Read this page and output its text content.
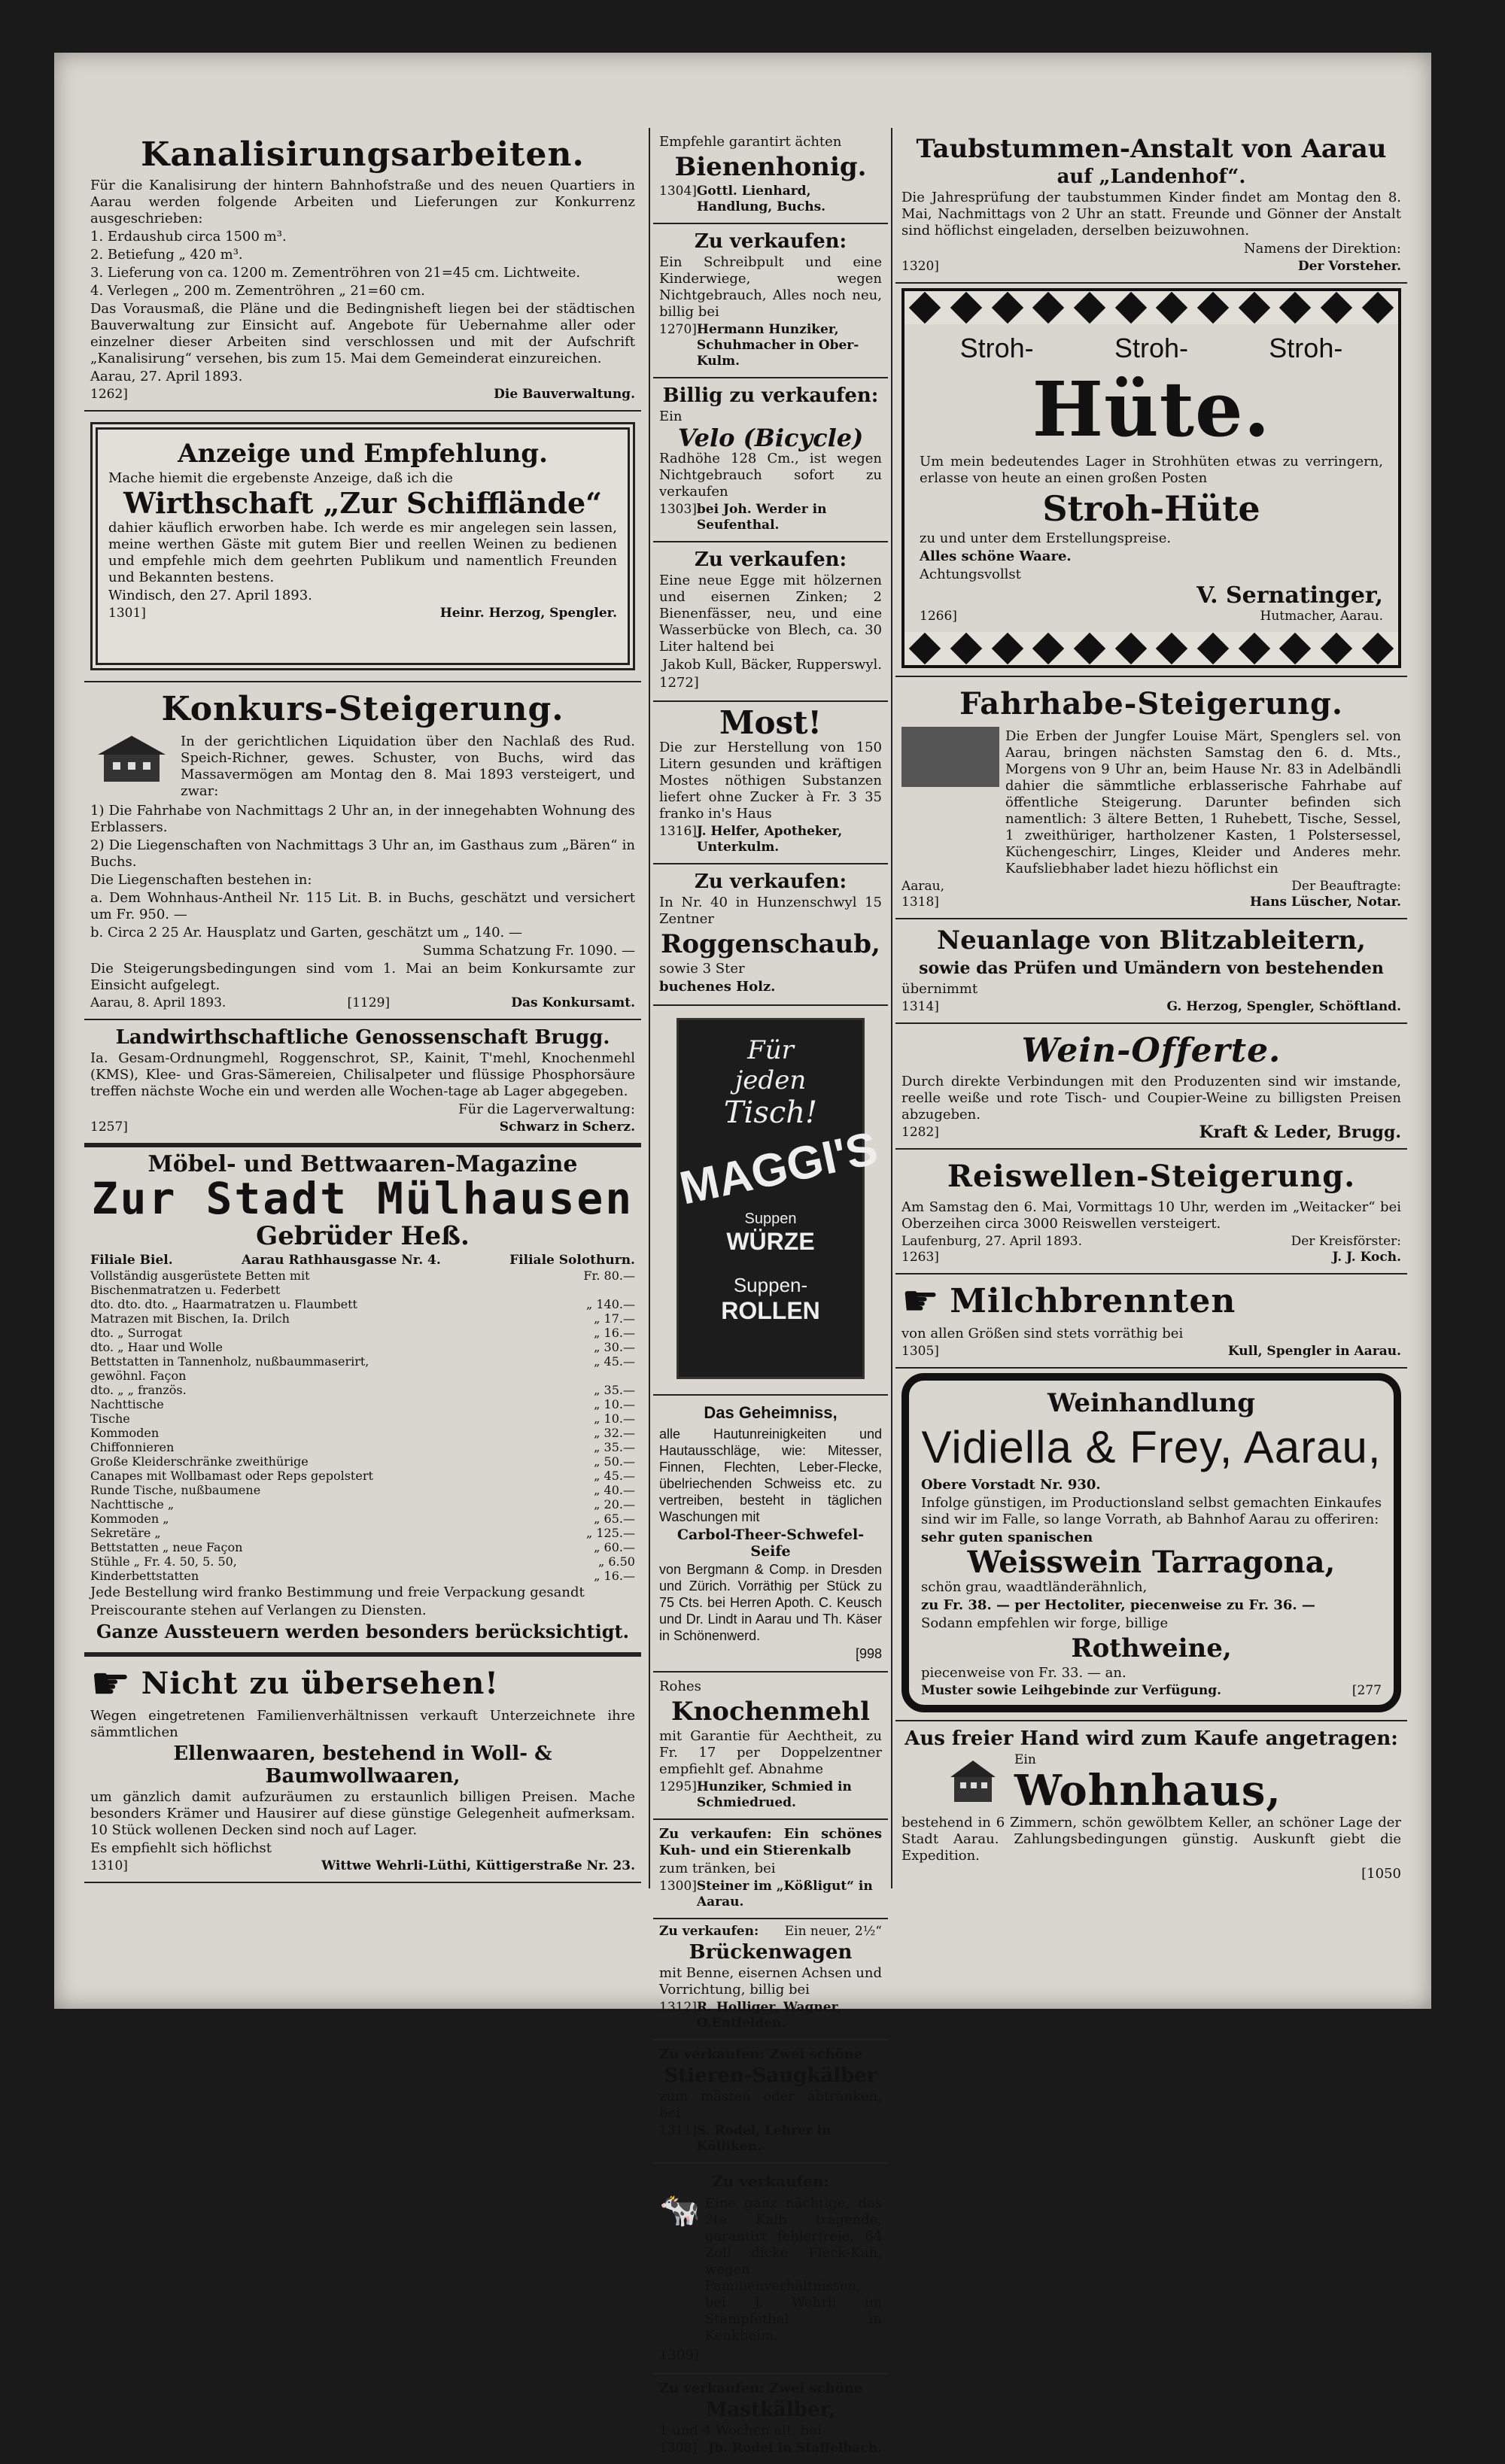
Kanalisirungsarbeiten.

Für die Kanalisirung der hintern Bahnhofstraße und des neuen Quartiers in Aarau werden folgende Arbeiten und Lieferungen zur Konkurrenz ausgeschrieben:

1. Erdaushub circa 1500 m³.

2. Betiefung „ 420 m³.

3. Lieferung von ca. 1200 m. Zementröhren von 21=45 cm. Lichtweite.

4. Verlegen „ 200 m. Zementröhren „ 21=60 cm.

Das Vorausmaß, die Pläne und die Bedingnisheft liegen bei der städtischen Bauverwaltung zur Einsicht auf. Angebote für Uebernahme aller oder einzelner dieser Arbeiten sind verschlossen und mit der Aufschrift „Kanalisirung“ versehen, bis zum 15. Mai dem Gemeinderat einzureichen.

Aarau, 27. April 1893.

1262]	Die Bauverwaltung.
Anzeige und Empfehlung.

Mache hiemit die ergebenste Anzeige, daß ich die

Wirthschaft „Zur Schifflände“

dahier käuflich erworben habe. Ich werde es mir angelegen sein lassen, meine werthen Gäste mit gutem Bier und reellen Weinen zu bedienen und empfehle mich dem geehrten Publikum und namentlich Freunden und Bekannten bestens.

Windisch, den 27. April 1893.

1301]	Heinr. Herzog, Spengler.
Konkurs-Steigerung.

In der gerichtlichen Liquidation über den Nachlaß des Rud. Speich-Richner, gewes. Schuster, von Buchs, wird das Massavermögen am Montag den 8. Mai 1893 versteigert, und zwar:

1) Die Fahrhabe von Nachmittags 2 Uhr an, in der innegehabten Wohnung des Erblassers.

2) Die Liegenschaften von Nachmittags 3 Uhr an, im Gasthaus zum „Bären“ in Buchs.

Die Liegenschaften bestehen in:

a. Dem Wohnhaus-Antheil Nr. 115 Lit. B. in Buchs, geschätzt und versichert um Fr. 950. —

b. Circa 2 25 Ar. Hausplatz und Garten, geschätzt um „ 140. —

Summa Schatzung Fr. 1090. —

Die Steigerungsbedingungen sind vom 1. Mai an beim Konkursamte zur Einsicht aufgelegt.

Aarau, 8. April 1893.	[1129]	Das Konkursamt.
Landwirthschaftliche Genossenschaft Brugg.

Ia. Gesam-Ordnungmehl, Roggenschrot, SP., Kainit, T'mehl, Knochenmehl (KMS), Klee- und Gras-Sämereien, Chilisalpeter und flüssige Phosphorsäure treffen nächste Woche ein und werden alle Wochen-tage ab Lager abgegeben.

Für die Lagerverwaltung:

1257]	Schwarz in Scherz.
Möbel- und Bettwaaren-Magazine
Zur Stadt Mülhausen
Gebrüder Heß.
Filiale Biel.	Aarau Rathhausgasse Nr. 4.	Filiale Solothurn.
Vollständig ausgerüstete Betten mit Bischenmatratzen u. Federbett
Fr. 80.—
dto. dto. dto. „ Haarmatratzen u. Flaumbett	„ 140.—
Matrazen mit Bischen, Ia. Drilch	„ 17.—
dto. „ Surrogat	„ 16.—
dto. „ Haar und Wolle	„ 30.—
Bettstatten in Tannenholz, nußbaummaserirt, gewöhnl. Façon
„ 45.—
dto. „ „ französ.	„ 35.—
Nachttische	„ 10.—
Tische	„ 10.—
Kommoden	„ 32.—
Chiffonnieren	„ 35.—
Große Kleiderschränke zweithürige	„ 50.—
Canapes mit Wollbamast oder Reps gepolstert	„ 45.—
Runde Tische, nußbaumene	„ 40.—
Nachttische „	„ 20.—
Kommoden „	„ 65.—
Sekretäre „	„ 125.—
Bettstatten „ neue Façon	„ 60.—
Stühle „ Fr. 4. 50, 5. 50,	„ 6.50
Kinderbettstatten	„ 16.—

Jede Bestellung wird franko Bestimmung und freie Verpackung gesandt

Preiscourante stehen auf Verlangen zu Diensten.

Ganze Aussteuern werden besonders berücksichtigt.
☛ Nicht zu übersehen!

Wegen eingetretenen Familienverhältnissen verkauft Unterzeichnete ihre sämmtlichen

Ellenwaaren, bestehend in Woll- & Baumwollwaaren,

um gänzlich damit aufzuräumen zu erstaunlich billigen Preisen. Mache besonders Krämer und Hausirer auf diese günstige Gelegenheit aufmerksam. 10 Stück wollenen Decken sind noch auf Lager.

Es empfiehlt sich höflichst

1310]	Wittwe Wehrli-Lüthi, Küttigerstraße Nr. 23.

Empfehle garantirt ächten

Bienenhonig.
1304] Gottl. Lienhard, Handlung, Buchs.
Zu verkaufen:

Ein Schreibpult und eine Kinderwiege, wegen Nichtgebrauch, Alles noch neu, billig bei

1270] Hermann Hunziker, Schuhmacher in Ober-Kulm.
Billig zu verkaufen:

Ein

Velo (Bicycle)

Radhöhe 128 Cm., ist wegen Nichtgebrauch sofort zu verkaufen

1303] bei Joh. Werder in Seufenthal.
Zu verkaufen:

Eine neue Egge mit hölzernen und eisernen Zinken; 2 Bienenfässer, neu, und eine Wasserbücke von Blech, ca. 30 Liter haltend bei

Jakob Kull, Bäcker, Rupperswyl.

1272]

Most!

Die zur Herstellung von 150 Litern gesunden und kräftigen Mostes nöthigen Substanzen liefert ohne Zucker à Fr. 3 35 franko in's Haus

1316] J. Helfer, Apotheker, Unterkulm.
Zu verkaufen:

In Nr. 40 in Hunzenschwyl 15 Zentner

Roggenschaub,

sowie 3 Ster

buchenes Holz.

Für
jeden
Tisch!
MAGGI'S
Suppen
WÜRZE
Suppen-
ROLLEN
Das Geheimniss,

alle Hautunreinigkeiten und Hautausschläge, wie: Mitesser, Finnen, Flechten, Leber-Flecke, übelriechenden Schweiss etc. zu vertreiben, besteht in täglichen Waschungen mit

Carbol-Theer-Schwefel-Seife

von Bergmann & Comp. in Dresden und Zürich. Vorräthig per Stück zu 75 Cts. bei Herren Apoth. C. Keusch und Dr. Lindt in Aarau und Th. Käser in Schönenwerd.

[998

Rohes

Knochenmehl

mit Garantie für Aechtheit, zu Fr. 17 per Doppelzentner empfiehlt gef. Abnahme

1295] Hunziker, Schmied in Schmiedrued.

Zu verkaufen: Ein schönes Kuh- und ein Stierenkalb

zum tränken, bei

1300] Steiner im „Kößligut“ in Aarau.
Zu verkaufen: Ein neuer, 2½“
Brückenwagen

mit Benne, eisernen Achsen und Vorrichtung, billig bei

1312] R. Holliger, Wagner, O.Entfelden.

Zu verkaufen: Zwei schöne

Stieren-Saugkälber

zum mästen oder abtränken, bei

1311] S. Rodel, Lehrer in Kölliken.
Zu verkaufen:
🐄 Eine ganz nächtige, das 2te Kalb tragende, garantirt fehlerfreie, 64 Zoll dicke Fleck-Kuh, wegen Familienverhältnissen, bei J. Wehrli im Stampfethal in Kenkheim.

1309]

Zu verkaufen: Zwei schöne

Mastkälber,

1 und 4 Wochen alt, bei

1308] Jb. Rodel in Staffelbach.
Taubstummen-Anstalt von Aarau
auf „Landenhof“.

Die Jahresprüfung der taubstummen Kinder findet am Montag den 8. Mai, Nachmittags von 2 Uhr an statt. Freunde und Gönner der Anstalt sind höflichst eingeladen, derselben beizuwohnen.

Namens der Direktion:

1320]	Der Vorsteher.
Stroh-	Stroh-	Stroh-
Hüte.

Um mein bedeutendes Lager in Strohhüten etwas zu verringern, erlasse von heute an einen großen Posten

Stroh-Hüte

zu und unter dem Erstellungspreise.

Alles schöne Waare.

Achtungsvollst

V. Sernatinger,
1266]	Hutmacher, Aarau.
Fahrhabe-Steigerung.

Die Erben der Jungfer Louise Märt, Spenglers sel. von Aarau, bringen nächsten Samstag den 6. d. Mts., Morgens von 9 Uhr an, beim Hause Nr. 83 in Adelbändli dahier die sämmtliche erblasserische Fahrhabe auf öffentliche Steigerung. Darunter befinden sich namentlich: 3 ältere Betten, 1 Ruhebett, Tische, Sessel, 1 zweithüriger, hartholzener Kasten, 1 Polstersessel, Küchengeschirr, Linges, Kleider und Anderes mehr. Kaufsliebhaber ladet hiezu höflichst ein

Aarau,	Der Beauftragte:
1318]	Hans Lüscher, Notar.
Neuanlage von Blitzableitern,
sowie das Prüfen und Umändern von bestehenden

übernimmt

1314]	G. Herzog, Spengler, Schöftland.
Wein-Offerte.

Durch direkte Verbindungen mit den Produzenten sind wir imstande, reelle weiße und rote Tisch- und Coupier-Weine zu billigsten Preisen abzugeben.

1282]	Kraft & Leder, Brugg.
Reiswellen-Steigerung.

Am Samstag den 6. Mai, Vormittags 10 Uhr, werden im „Weitacker“ bei Oberzeihen circa 3000 Reiswellen versteigert.

Laufenburg, 27. April 1893.	Der Kreisförster:
1263]	J. J. Koch.
☛ Milchbrennten

von allen Größen sind stets vorräthig bei

1305]	Kull, Spengler in Aarau.
Weinhandlung
Vidiella & Frey, Aarau,

Obere Vorstadt Nr. 930.

Infolge günstigen, im Productionsland selbst gemachten Einkaufes sind wir im Falle, so lange Vorrath, ab Bahnhof Aarau zu offeriren:

sehr guten spanischen

Weisswein Tarragona,

schön grau, waadtländerähnlich,

zu Fr. 38. — per Hectoliter, piecenweise zu Fr. 36. —

Sodann empfehlen wir forge, billige

Rothweine,

piecenweise von Fr. 33. — an.

Muster sowie Leihgebinde zur Verfügung.	[277
Aus freier Hand wird zum Kaufe angetragen:
Ein
Wohnhaus,

bestehend in 6 Zimmern, schön gewölbtem Keller, an schöner Lage der Stadt Aarau. Zahlungsbedingungen günstig. Auskunft giebt die Expedition.

[1050
